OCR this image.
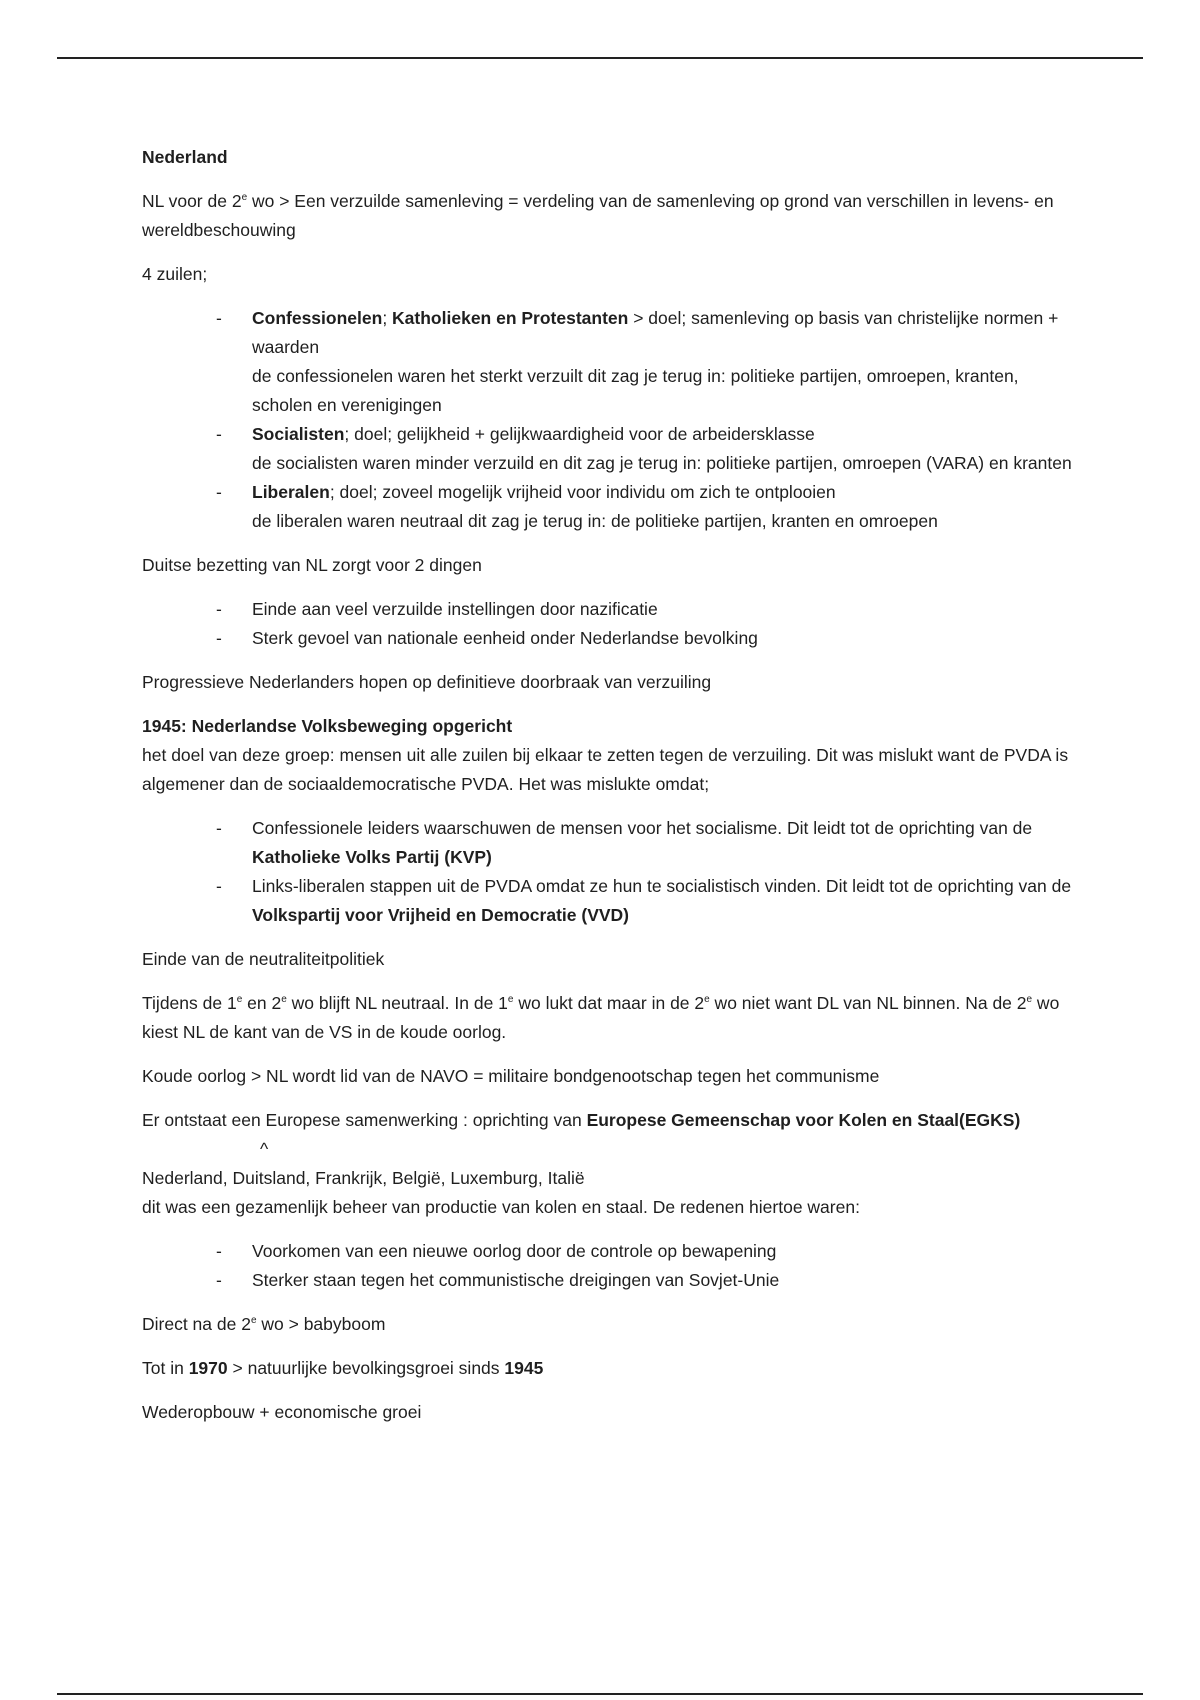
Nederland

NL voor de 2e wo > Een verzuilde samenleving = verdeling van de samenleving op grond van verschillen in levens- en wereldbeschouwing

4 zuilen;

- Confessionelen; Katholieken en Protestanten > doel; samenleving op basis van christelijke normen + waarden
de confessionelen waren het sterkt verzuilt dit zag je terug in: politieke partijen, omroepen, kranten, scholen en verenigingen
- Socialisten; doel; gelijkheid + gelijkwaardigheid voor de arbeidersklasse
de socialisten waren minder verzuild en dit zag je terug in: politieke partijen, omroepen (VARA) en kranten
- Liberalen; doel; zoveel mogelijk vrijheid voor individu om zich te ontplooien
de liberalen waren neutraal dit zag je terug in: de politieke partijen, kranten en omroepen

Duitse bezetting van NL zorgt voor 2 dingen

- Einde aan veel verzuilde instellingen door nazificatie
- Sterk gevoel van nationale eenheid onder Nederlandse bevolking

Progressieve Nederlanders hopen op definitieve doorbraak van verzuiling

1945: Nederlandse Volksbeweging opgericht

het doel van deze groep: mensen uit alle zuilen bij elkaar te zetten tegen de verzuiling. Dit was mislukt want de PVDA is algemener dan de sociaaldemocratische PVDA. Het was mislukte omdat;

- Confessionele leiders waarschuwen de mensen voor het socialisme. Dit leidt tot de oprichting van de Katholieke Volks Partij (KVP)
- Links-liberalen stappen uit de PVDA omdat ze hun te socialistisch vinden. Dit leidt tot de oprichting van de Volkspartij voor Vrijheid en Democratie (VVD)

Einde van de neutraliteitpolitiek

Tijdens de 1e en 2e wo blijft NL neutraal. In de 1e wo lukt dat maar in de 2e wo niet want DL van NL binnen. Na de 2e wo kiest NL de kant van de VS in de koude oorlog.

Koude oorlog > NL wordt lid van de NAVO = militaire bondgenootschap tegen het communisme

Er ontstaat een Europese samenwerking : oprichting van Europese Gemeenschap voor Kolen en Staal(EGKS)^

Nederland, Duitsland, Frankrijk, België, Luxemburg, Italië

dit was een gezamenlijk beheer van productie van kolen en staal. De redenen hiertoe waren:

- Voorkomen van een nieuwe oorlog door de controle op bewapening
- Sterker staan tegen het communistische dreigingen van Sovjet-Unie

Direct na de 2e wo > babyboom

Tot in 1970 > natuurlijke bevolkingsgroei sinds 1945

Wederopbouw + economische groei
